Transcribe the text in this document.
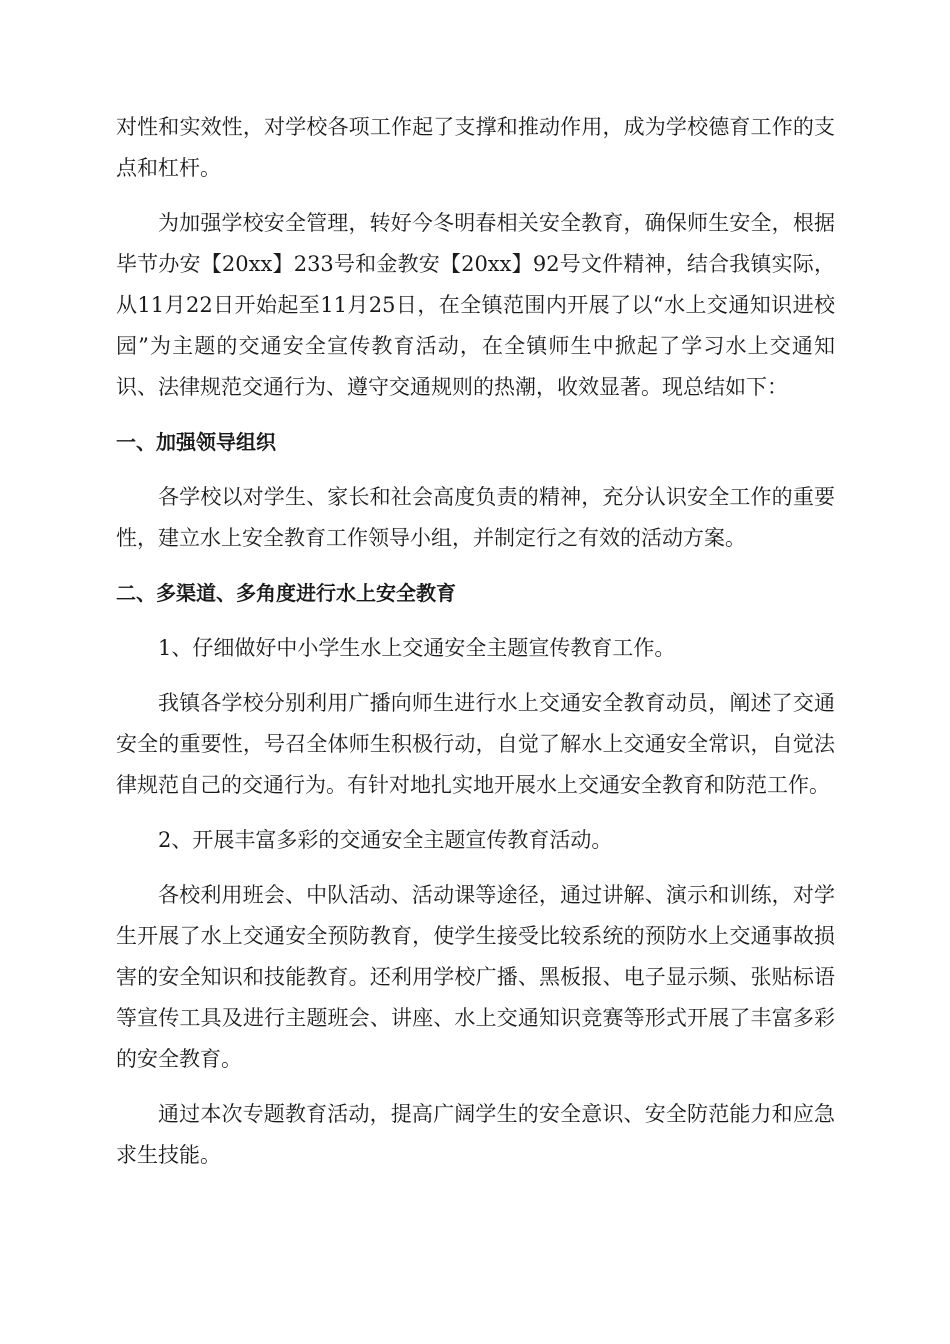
对性和实效性，对学校各项工作起了支撑和推动作用，成为学校德育工作的支点和杠杆。

为加强学校安全管理，转好今冬明春相关安全教育，确保师生安全，根据毕节办安【20xx】233号和金教安【20xx】92号文件精神，结合我镇实际，从11月22日开始起至11月25日，在全镇范围内开展了以“水上交通知识进校园”为主题的交通安全宣传教育活动，在全镇师生中掀起了学习水上交通知识、法律规范交通行为、遵守交通规则的热潮，收效显著。现总结如下：

一、加强领导组织

各学校以对学生、家长和社会高度负责的精神，充分认识安全工作的重要性，建立水上安全教育工作领导小组，并制定行之有效的活动方案。

二、多渠道、多角度进行水上安全教育

1、仔细做好中小学生水上交通安全主题宣传教育工作。

我镇各学校分别利用广播向师生进行水上交通安全教育动员，阐述了交通安全的重要性，号召全体师生积极行动，自觉了解水上交通安全常识，自觉法律规范自己的交通行为。有针对地扎实地开展水上交通安全教育和防范工作。

2、开展丰富多彩的交通安全主题宣传教育活动。

各校利用班会、中队活动、活动课等途径，通过讲解、演示和训练，对学生开展了水上交通安全预防教育，使学生接受比较系统的预防水上交通事故损害的安全知识和技能教育。还利用学校广播、黑板报、电子显示频、张贴标语等宣传工具及进行主题班会、讲座、水上交通知识竞赛等形式开展了丰富多彩的安全教育。

通过本次专题教育活动，提高广阔学生的安全意识、安全防范能力和应急求生技能。
